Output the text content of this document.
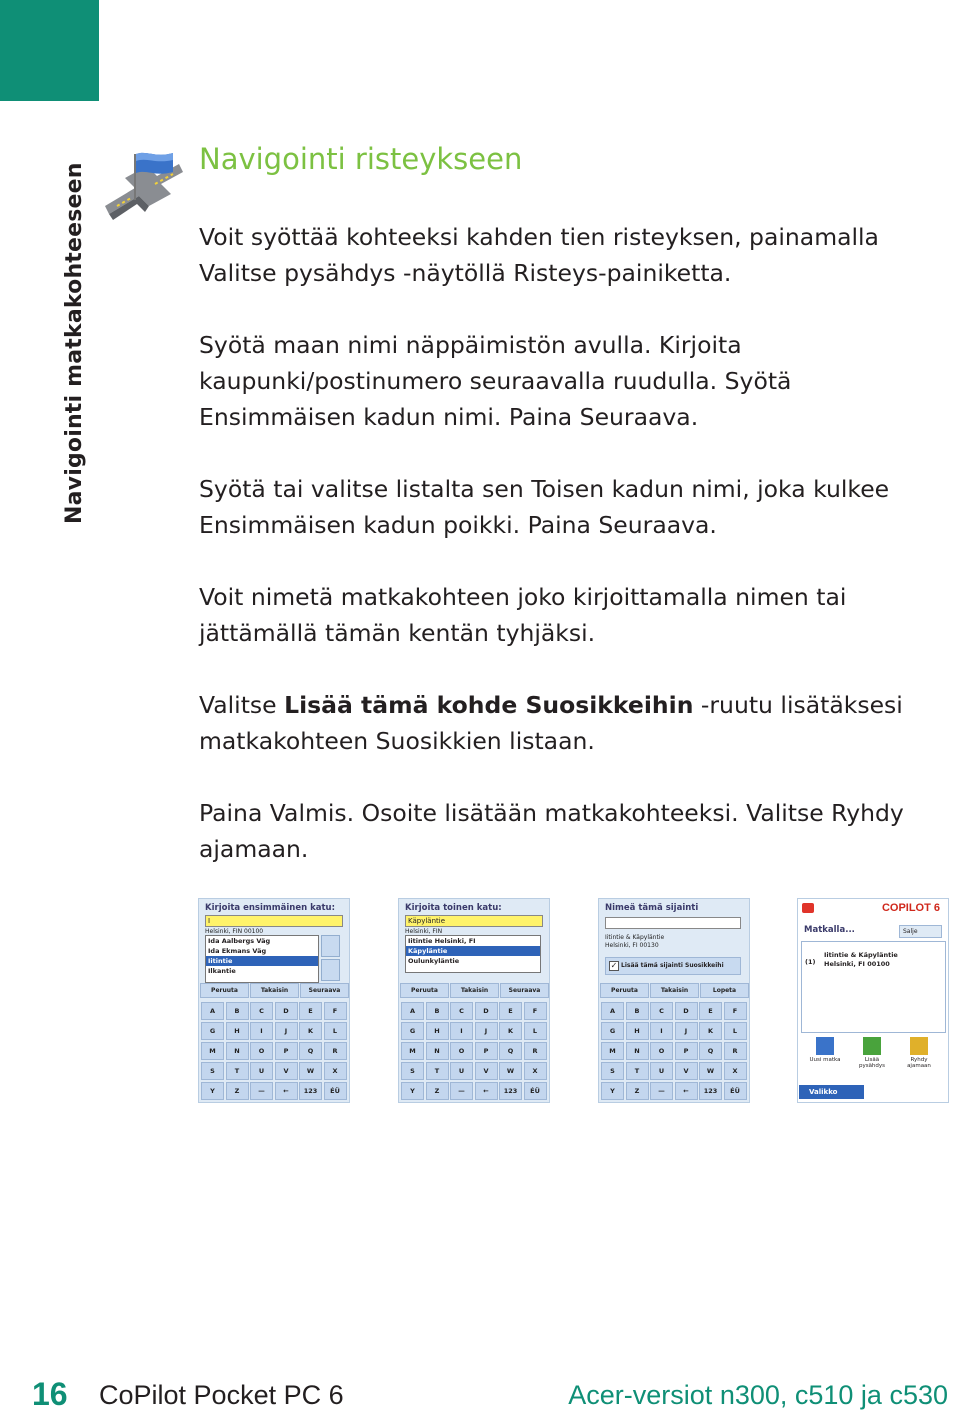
Navigointi matkakohteeseen
Navigointi risteykseen

Voit syöttää kohteeksi kahden tien risteyksen, painamalla Valitse pysähdys -näytöllä Risteys-painiketta.

Syötä maan nimi näppäimistön avulla. Kirjoita kaupunki/postinumero seuraavalla ruudulla. Syötä Ensimmäisen kadun nimi. Paina Seuraava.

Syötä tai valitse listalta sen Toisen kadun nimi, joka kulkee Ensimmäisen kadun poikki. Paina Seuraava.

Voit nimetä matkakohteen joko kirjoittamalla nimen tai jättämällä tämän kentän tyhjäksi.

Valitse Lisää tämä kohde Suosikkeihin -ruutu lisätäksesi matkakohteen Suosikkien listaan.

Paina Valmis. Osoite lisätään matkakohteeksi. Valitse Ryhdy ajamaan.

Kirjoita ensimmäinen katu:
I
Helsinki, FIN 00100
Ida Aalbergs Väg
Ida Ekmans Väg
Iitintie
Ilkantie
Peruuta	Takaisin	Seuraava
A	B	C	D	E	F
G	H	I	J	K	L
M	N	O	P	Q	R
S	T	U	V	W	X
Y	Z	—	←	123	ÉÜ
Kirjoita toinen katu:
Käpyläntie
Helsinki, FIN
Iitintie Helsinki, FI
Käpyläntie
Oulunkyläntie
Peruuta	Takaisin	Seuraava
A	B	C	D	E	F
G	H	I	J	K	L
M	N	O	P	Q	R
S	T	U	V	W	X
Y	Z	—	←	123	ÉÜ
Nimeä tämä sijainti
Iitintie & Käpyläntie
Helsinki, FI 00130
✓ Lisää tämä sijainti Suosikkeihi
Peruuta	Takaisin	Lopeta
A	B	C	D	E	F
G	H	I	J	K	L
M	N	O	P	Q	R
S	T	U	V	W	X
Y	Z	—	←	123	ÉÜ
COPILOT 6
Matkalla...	Salje
(1)
Iitintie & Käpyläntie
Helsinki, FI 00100
Uusi matka	Lisää pysähdys
Ryhdy ajamaan
Valikko
16 CoPilot Pocket PC 6	Acer-versiot n300, c510 ja c530
